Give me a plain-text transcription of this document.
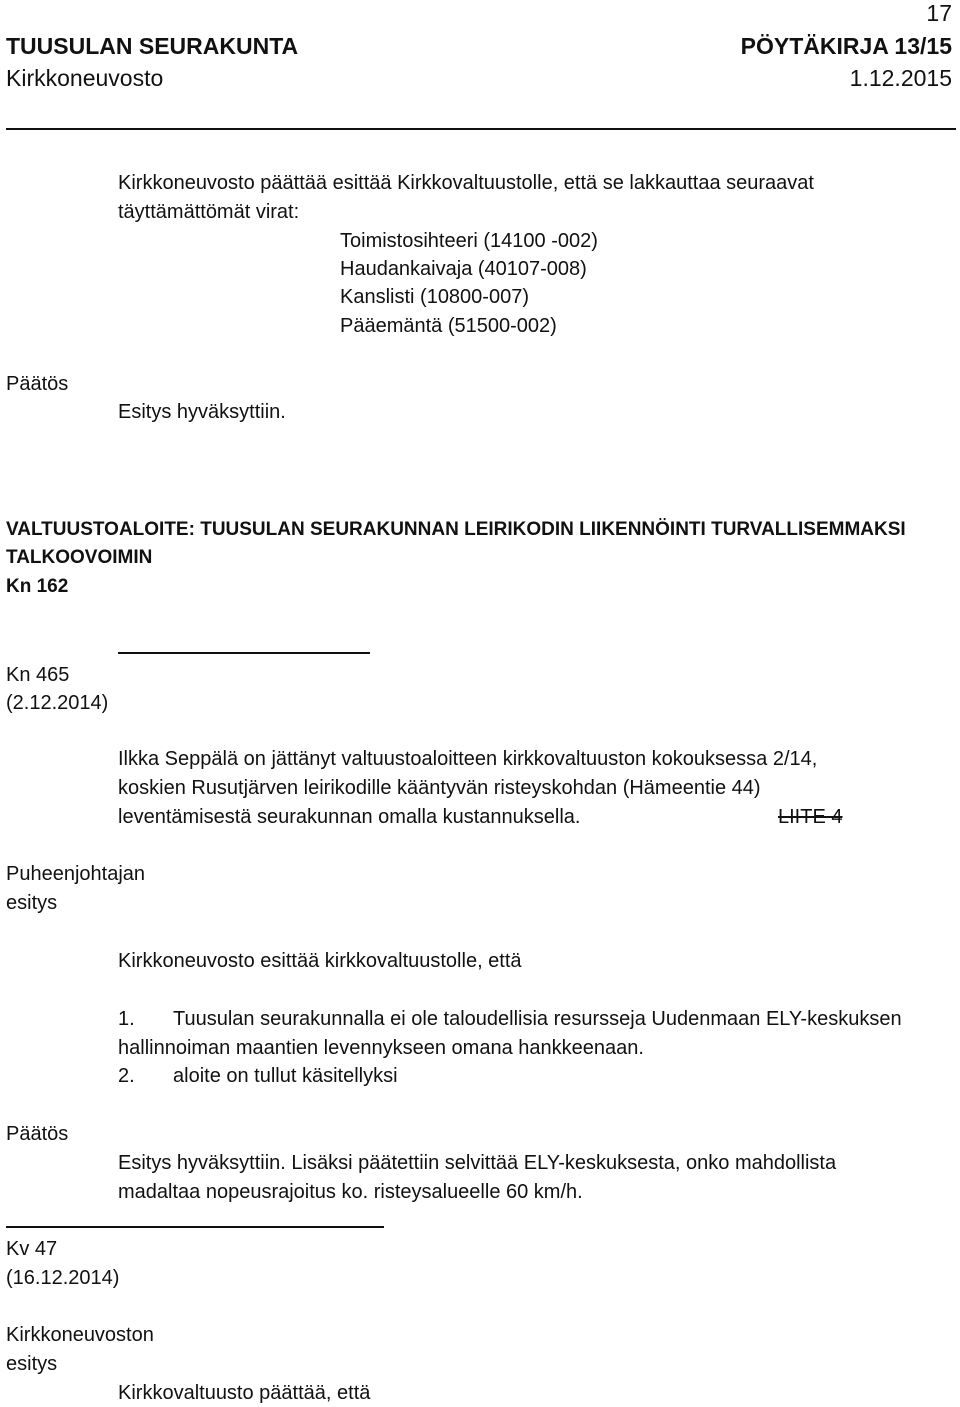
17
TUUSULAN SEURAKUNTA	PÖYTÄKIRJA 13/15
Kirkkoneuvosto	1.12.2015
Kirkkoneuvosto päättää esittää Kirkkovaltuustolle, että se lakkauttaa seuraavat
täyttämättömät virat:
Toimistosihteeri (14100 -002)
Haudankaivaja (40107-008)
Kanslisti (10800-007)
Pääemäntä (51500-002)
Päätös
Esitys hyväksyttiin.
VALTUUSTOALOITE: TUUSULAN SEURAKUNNAN LEIRIKODIN LIIKENNÖINTI TURVALLISEMMAKSI
TALKOOVOIMIN
Kn 162
Kn 465
(2.12.2014)
Ilkka Seppälä on jättänyt valtuustoaloitteen kirkkovaltuuston kokouksessa 2/14,
koskien Rusutjärven leirikodille kääntyvän risteyskohdan (Hämeentie 44)
leventämisestä seurakunnan omalla kustannuksella.	LIITE 4
Puheenjohtajan
esitys
Kirkkoneuvosto esittää kirkkovaltuustolle, että
1. Tuusulan seurakunnalla ei ole taloudellisia resursseja Uudenmaan ELY-keskuksen
hallinnoiman maantien levennykseen omana hankkeenaan.
2. aloite on tullut käsitellyksi
Päätös
Esitys hyväksyttiin. Lisäksi päätettiin selvittää ELY-keskuksesta, onko mahdollista
madaltaa nopeusrajoitus ko. risteysalueelle 60 km/h.
Kv 47
(16.12.2014)
Kirkkoneuvoston
esitys
Kirkkovaltuusto päättää, että
